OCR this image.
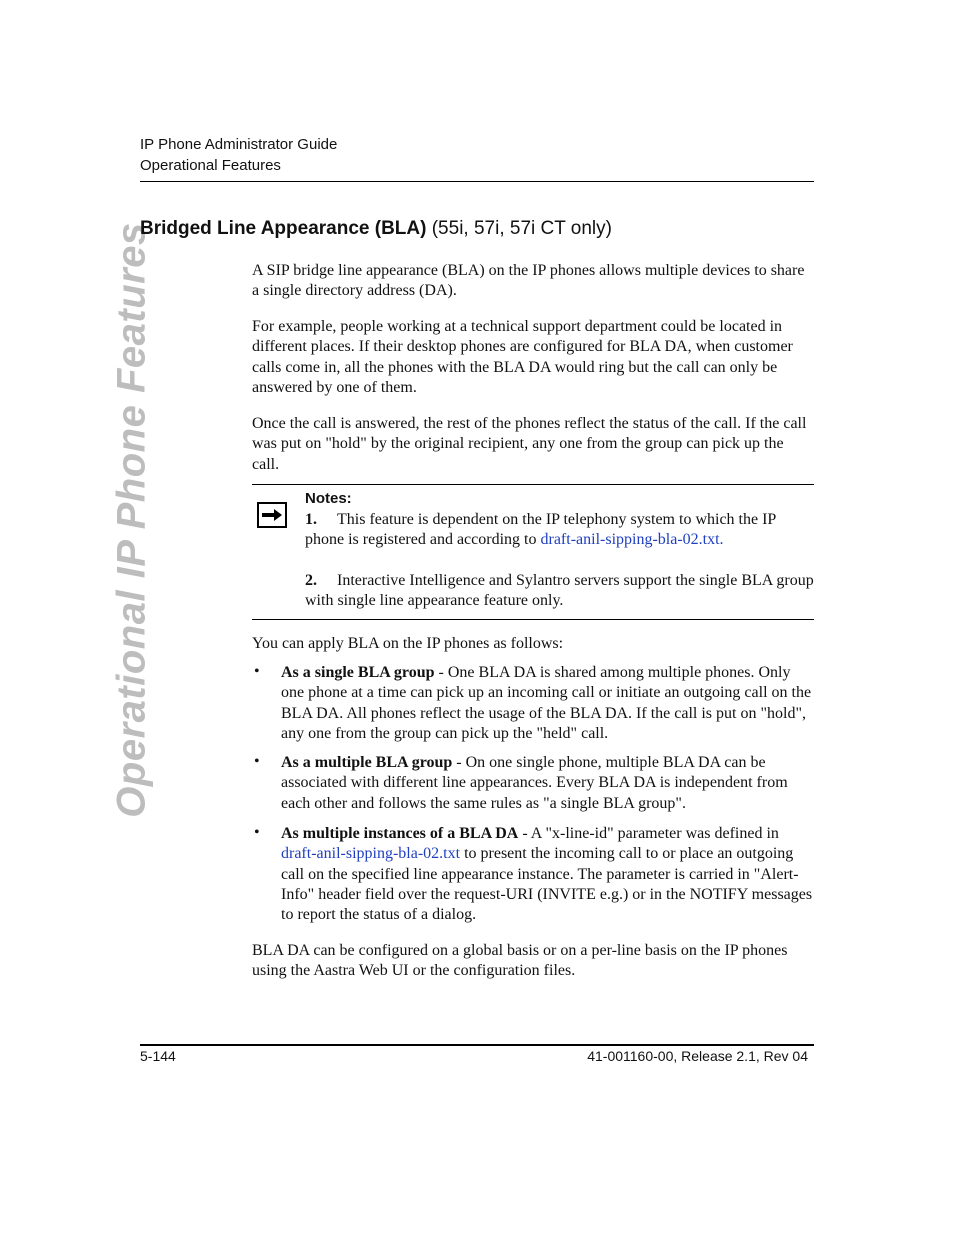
IP Phone Administrator Guide
Operational Features
Operational IP Phone Features
Bridged Line Appearance (BLA) (55i, 57i, 57i CT only)

A SIP bridge line appearance (BLA) on the IP phones allows multiple devices to share a single directory address (DA).

For example, people working at a technical support department could be located in different places. If their desktop phones are configured for BLA DA, when customer calls come in, all the phones with the BLA DA would ring but the call can only be answered by one of them.

Once the call is answered, the rest of the phones reflect the status of the call. If the call was put on "hold" by the original recipient, any one from the group can pick up the call.

Notes:
1. This feature is dependent on the IP telephony system to which the IP phone is registered and according to draft-anil-sipping-bla-02.txt.
2. Interactive Intelligence and Sylantro servers support the single BLA group with single line appearance feature only.

You can apply BLA on the IP phones as follows:

• As a single BLA group - One BLA DA is shared among multiple phones. Only one phone at a time can pick up an incoming call or initiate an outgoing call on the BLA DA. All phones reflect the usage of the BLA DA. If the call is put on "hold", any one from the group can pick up the "held" call.
• As a multiple BLA group - On one single phone, multiple BLA DA can be associated with different line appearances. Every BLA DA is independent from each other and follows the same rules as "a single BLA group".
• As multiple instances of a BLA DA - A "x-line-id" parameter was defined in draft-anil-sipping-bla-02.txt to present the incoming call to or place an outgoing call on the specified line appearance instance. The parameter is carried in "Alert-Info" header field over the request-URI (INVITE e.g.) or in the NOTIFY messages to report the status of a dialog.

BLA DA can be configured on a global basis or on a per-line basis on the IP phones using the Aastra Web UI or the configuration files.

5-144	41-001160-00, Release 2.1, Rev 04
